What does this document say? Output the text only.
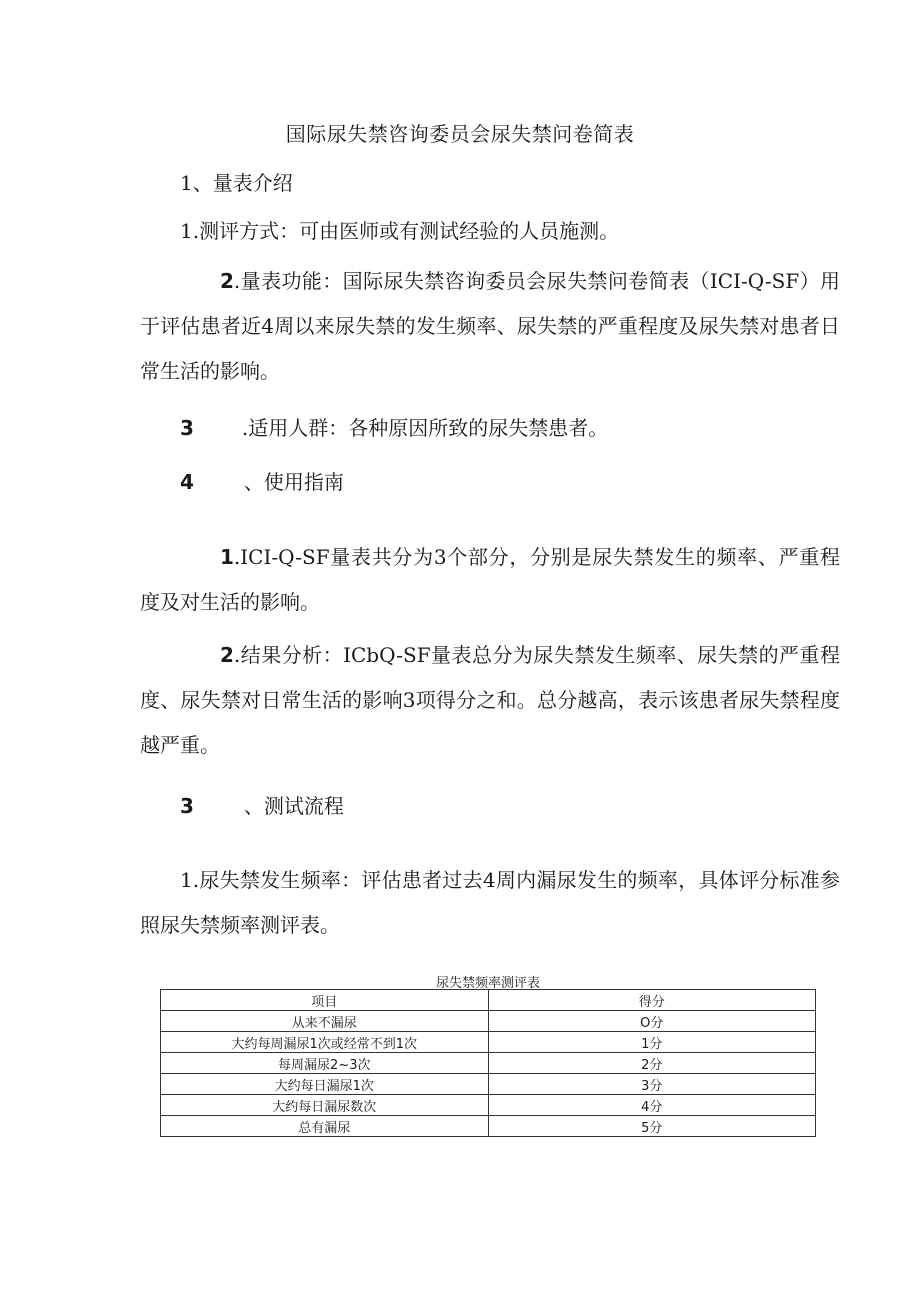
国际尿失禁咨询委员会尿失禁问卷简表
1、量表介绍
1.测评方式：可由医师或有测试经验的人员施测。
2.量表功能：国际尿失禁咨询委员会尿失禁问卷简表（ICI-Q-SF）用于评估患者近4周以来尿失禁的发生频率、尿失禁的严重程度及尿失禁对患者日常生活的影响。
3 .适用人群：各种原因所致的尿失禁患者。
4	、使用指南
1.ICI-Q-SF量表共分为3个部分，分别是尿失禁发生的频率、严重程度及对生活的影响。
2.结果分析：ICbQ-SF量表总分为尿失禁发生频率、尿失禁的严重程度、尿失禁对日常生活的影响3项得分之和。总分越高，表示该患者尿失禁程度越严重。
3	、测试流程
1.尿失禁发生频率：评估患者过去4周内漏尿发生的频率，具体评分标准参照尿失禁频率测评表。
尿失禁频率测评表
项目	得分
从来不漏尿	O分
大约每周漏尿1次或经常不到1次	1分
每周漏尿2~3次	2分
大约每日漏尿1次	3分
大约每日漏尿数次	4分
总有漏尿	5分
